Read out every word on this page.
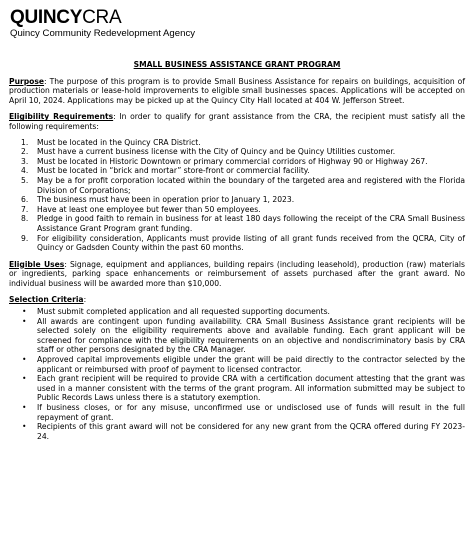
QUINCYCRA
Quincy Community Redevelopment Agency
SMALL BUSINESS ASSISTANCE GRANT PROGRAM

Purpose: The purpose of this program is to provide Small Business Assistance for repairs on buildings, acquisition of production materials or lease-hold improvements to eligible small businesses spaces. Applications will be accepted on April 10, 2024. Applications may be picked up at the Quincy City Hall located at 404 W. Jefferson Street.

Eligibility Requirements: In order to qualify for grant assistance from the CRA, the recipient must satisfy all the following requirements:

1. Must be located in the Quincy CRA District.
2. Must have a current business license with the City of Quincy and be Quincy Utilities customer.
3. Must be located in Historic Downtown or primary commercial corridors of Highway 90 or Highway 267.
4. Must be located in “brick and mortar” store-front or commercial facility.
5. May be a for profit corporation located within the boundary of the targeted area and registered with the Florida Division of Corporations;
6. The business must have been in operation prior to January 1, 2023.
7. Have at least one employee but fewer than 50 employees.
8. Pledge in good faith to remain in business for at least 180 days following the receipt of the CRA Small Business Assistance Grant Program grant funding.
9. For eligibility consideration, Applicants must provide listing of all grant funds received from the QCRA, City of Quincy or Gadsden County within the past 60 months.

Eligible Uses: Signage, equipment and appliances, building repairs (including leasehold), production (raw) materials or ingredients, parking space enhancements or reimbursement of assets purchased after the grant award. No individual business will be awarded more than $10,000.

Selection Criteria:

• Must submit completed application and all requested supporting documents.
• All awards are contingent upon funding availability. CRA Small Business Assistance grant recipients will be selected solely on the eligibility requirements above and available funding. Each grant applicant will be screened for compliance with the eligibility requirements on an objective and nondiscriminatory basis by CRA staff or other persons designated by the CRA Manager.
• Approved capital improvements eligible under the grant will be paid directly to the contractor selected by the applicant or reimbursed with proof of payment to licensed contractor.
• Each grant recipient will be required to provide CRA with a certification document attesting that the grant was used in a manner consistent with the terms of the grant program. All information submitted may be subject to Public Records Laws unless there is a statutory exemption.
• If business closes, or for any misuse, unconfirmed use or undisclosed use of funds will result in the full repayment of grant.
• Recipients of this grant award will not be considered for any new grant from the QCRA offered during FY 2023-24.
